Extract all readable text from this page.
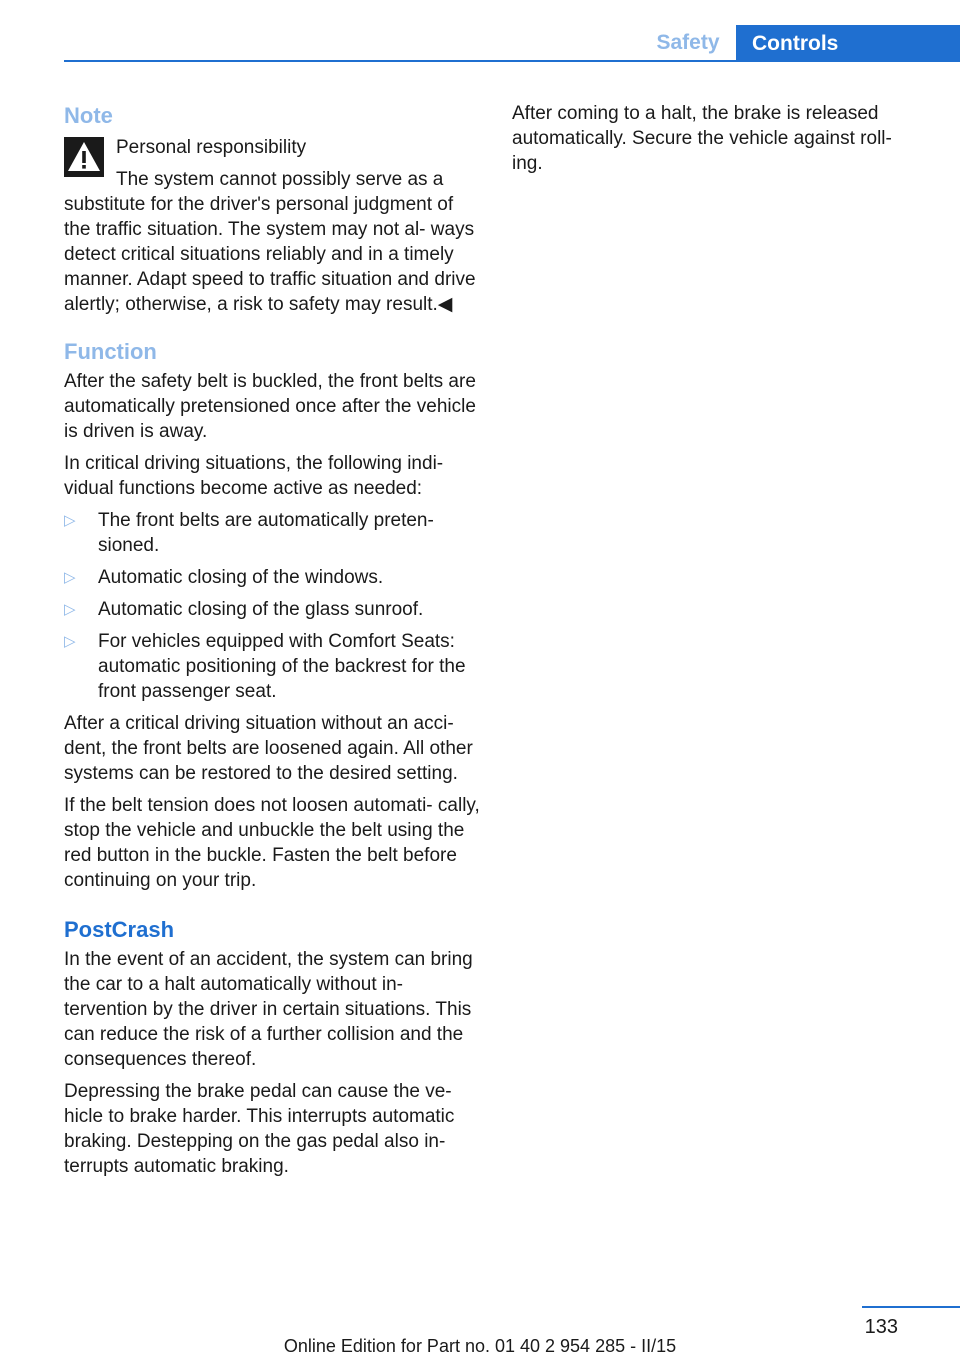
Safety	Controls
Note

Personal responsibility

The system cannot possibly serve as a substitute for the driver's personal judgment of the traffic situation. The system may not al- ways detect critical situations reliably and in a timely manner. Adapt speed to traffic situation and drive alertly; otherwise, a risk to safety may result.◀

Function

After the safety belt is buckled, the front belts are automatically pretensioned once after the vehicle is driven is away.

In critical driving situations, the following indi- vidual functions become active as needed:

▷ The front belts are automatically preten- sioned.
▷ Automatic closing of the windows.
▷ Automatic closing of the glass sunroof.
▷ For vehicles equipped with Comfort Seats: automatic positioning of the backrest for the front passenger seat.

After a critical driving situation without an acci- dent, the front belts are loosened again. All other systems can be restored to the desired setting.

If the belt tension does not loosen automati- cally, stop the vehicle and unbuckle the belt using the red button in the buckle. Fasten the belt before continuing on your trip.

PostCrash

In the event of an accident, the system can bring the car to a halt automatically without in- tervention by the driver in certain situations. This can reduce the risk of a further collision and the consequences thereof.

Depressing the brake pedal can cause the ve- hicle to brake harder. This interrupts automatic braking. Destepping on the gas pedal also in- terrupts automatic braking.

After coming to a halt, the brake is released automatically. Secure the vehicle against roll- ing.

133
Online Edition for Part no. 01 40 2 954 285 - II/15
